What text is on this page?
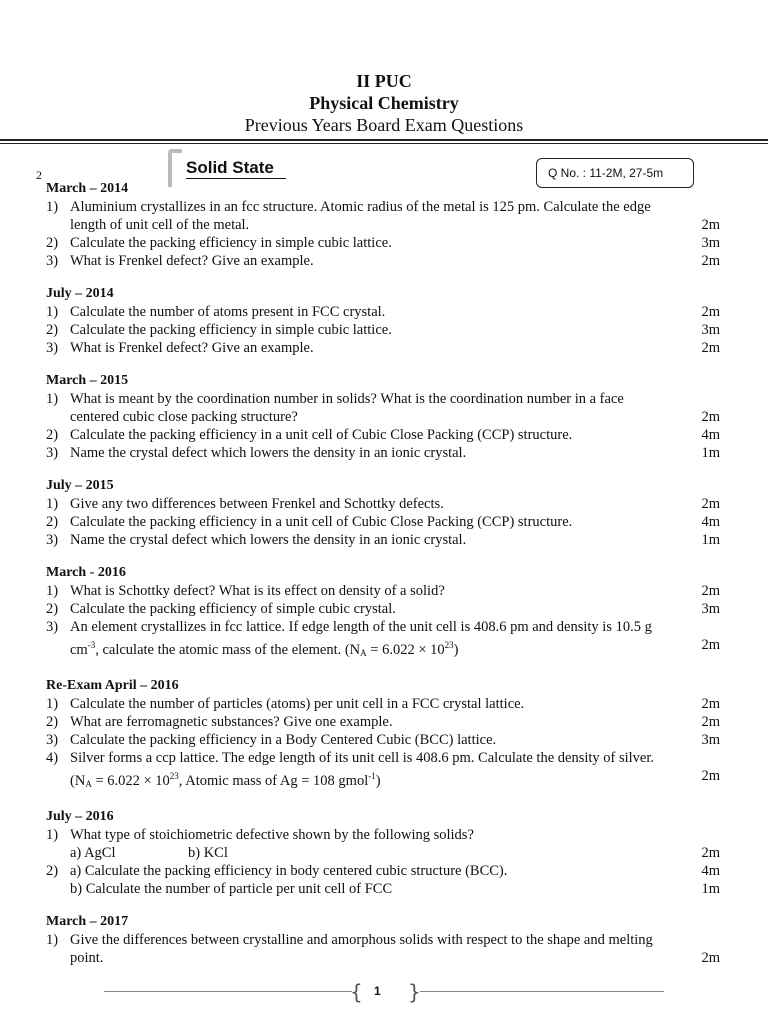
II PUC
Physical Chemistry
Previous Years Board Exam Questions
2	Solid State	Q No. : 11-2M, 27-5m
March – 2014
1) Aluminium crystallizes in an fcc structure. Atomic radius of the metal is 125 pm. Calculate the edge
length of unit cell of the metal.	2m
2) Calculate the packing efficiency in simple cubic lattice.	3m
3) What is Frenkel defect? Give an example.	2m
July – 2014
1) Calculate the number of atoms present in FCC crystal.	2m
2) Calculate the packing efficiency in simple cubic lattice.	3m
3) What is Frenkel defect? Give an example.	2m
March – 2015
1) What is meant by the coordination number in solids? What is the coordination number in a face
centered cubic close packing structure?	2m
2) Calculate the packing efficiency in a unit cell of Cubic Close Packing (CCP) structure.	4m
3) Name the crystal defect which lowers the density in an ionic crystal.	1m
July – 2015
1) Give any two differences between Frenkel and Schottky defects.	2m
2) Calculate the packing efficiency in a unit cell of Cubic Close Packing (CCP) structure.	4m
3) Name the crystal defect which lowers the density in an ionic crystal.	1m
March - 2016
1) What is Schottky defect? What is its effect on density of a solid?	2m
2) Calculate the packing efficiency of simple cubic crystal.	3m
3) An element crystallizes in fcc lattice. If edge length of the unit cell is 408.6 pm and density is 10.5 g
$cm^{-3}$, calculate the atomic mass of the element. $(NA = 6.022 \times 10^{23})$	2m
Re-Exam April – 2016
1) Calculate the number of particles (atoms) per unit cell in a FCC crystal lattice.	2m
2) What are ferromagnetic substances? Give one example.	2m
3) Calculate the packing efficiency in a Body Centered Cubic (BCC) lattice.	3m
4) Silver forms a ccp lattice. The edge length of its unit cell is 408.6 pm. Calculate the density of silver.
($NA = 6.022 \times 10^{23}$, Atomic mass of Ag = 108 gmol$^{-1}$)	2m
July – 2016
1) What type of stoichiometric defective shown by the following solids?
a) AgCl	b) KCl	2m
2) a) Calculate the packing efficiency in body centered cubic structure (BCC).	4m
b) Calculate the number of particle per unit cell of FCC	1m
March – 2017
1) Give the differences between crystalline and amorphous solids with respect to the shape and melting
point.	2m
{ 1 }
